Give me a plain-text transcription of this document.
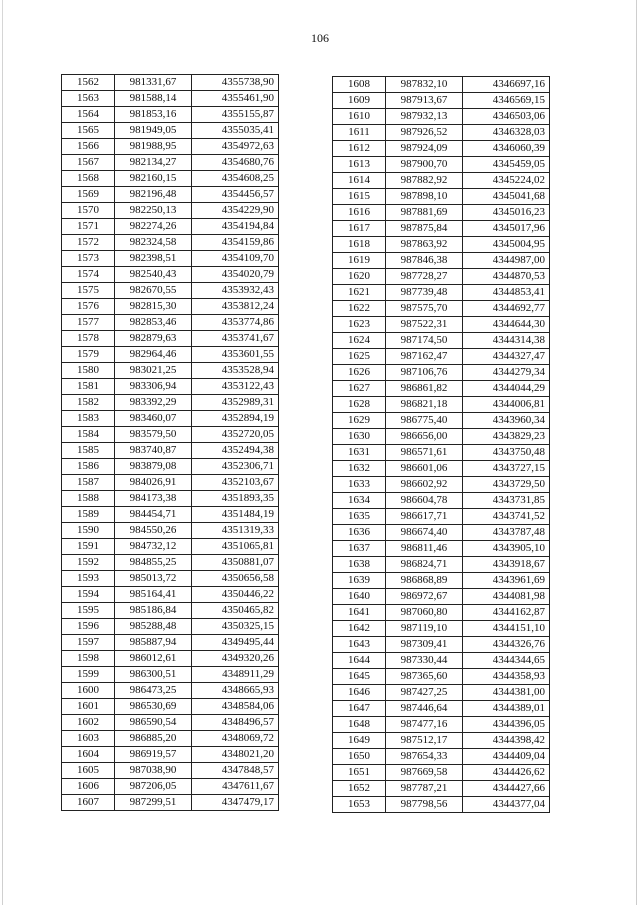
106
1562	981331,67	4355738,90
1563	981588,14	4355461,90
1564	981853,16	4355155,87
1565	981949,05	4355035,41
1566	981988,95	4354972,63
1567	982134,27	4354680,76
1568	982160,15	4354608,25
1569	982196,48	4354456,57
1570	982250,13	4354229,90
1571	982274,26	4354194,84
1572	982324,58	4354159,86
1573	982398,51	4354109,70
1574	982540,43	4354020,79
1575	982670,55	4353932,43
1576	982815,30	4353812,24
1577	982853,46	4353774,86
1578	982879,63	4353741,67
1579	982964,46	4353601,55
1580	983021,25	4353528,94
1581	983306,94	4353122,43
1582	983392,29	4352989,31
1583	983460,07	4352894,19
1584	983579,50	4352720,05
1585	983740,87	4352494,38
1586	983879,08	4352306,71
1587	984026,91	4352103,67
1588	984173,38	4351893,35
1589	984454,71	4351484,19
1590	984550,26	4351319,33
1591	984732,12	4351065,81
1592	984855,25	4350881,07
1593	985013,72	4350656,58
1594	985164,41	4350446,22
1595	985186,84	4350465,82
1596	985288,48	4350325,15
1597	985887,94	4349495,44
1598	986012,61	4349320,26
1599	986300,51	4348911,29
1600	986473,25	4348665,93
1601	986530,69	4348584,06
1602	986590,54	4348496,57
1603	986885,20	4348069,72
1604	986919,57	4348021,20
1605	987038,90	4347848,57
1606	987206,05	4347611,67
1607	987299,51	4347479,17
1608	987832,10	4346697,16
1609	987913,67	4346569,15
1610	987932,13	4346503,06
1611	987926,52	4346328,03
1612	987924,09	4346060,39
1613	987900,70	4345459,05
1614	987882,92	4345224,02
1615	987898,10	4345041,68
1616	987881,69	4345016,23
1617	987875,84	4345017,96
1618	987863,92	4345004,95
1619	987846,38	4344987,00
1620	987728,27	4344870,53
1621	987739,48	4344853,41
1622	987575,70	4344692,77
1623	987522,31	4344644,30
1624	987174,50	4344314,38
1625	987162,47	4344327,47
1626	987106,76	4344279,34
1627	986861,82	4344044,29
1628	986821,18	4344006,81
1629	986775,40	4343960,34
1630	986656,00	4343829,23
1631	986571,61	4343750,48
1632	986601,06	4343727,15
1633	986602,92	4343729,50
1634	986604,78	4343731,85
1635	986617,71	4343741,52
1636	986674,40	4343787,48
1637	986811,46	4343905,10
1638	986824,71	4343918,67
1639	986868,89	4343961,69
1640	986972,67	4344081,98
1641	987060,80	4344162,87
1642	987119,10	4344151,10
1643	987309,41	4344326,76
1644	987330,44	4344344,65
1645	987365,60	4344358,93
1646	987427,25	4344381,00
1647	987446,64	4344389,01
1648	987477,16	4344396,05
1649	987512,17	4344398,42
1650	987654,33	4344409,04
1651	987669,58	4344426,62
1652	987787,21	4344427,66
1653	987798,56	4344377,04
